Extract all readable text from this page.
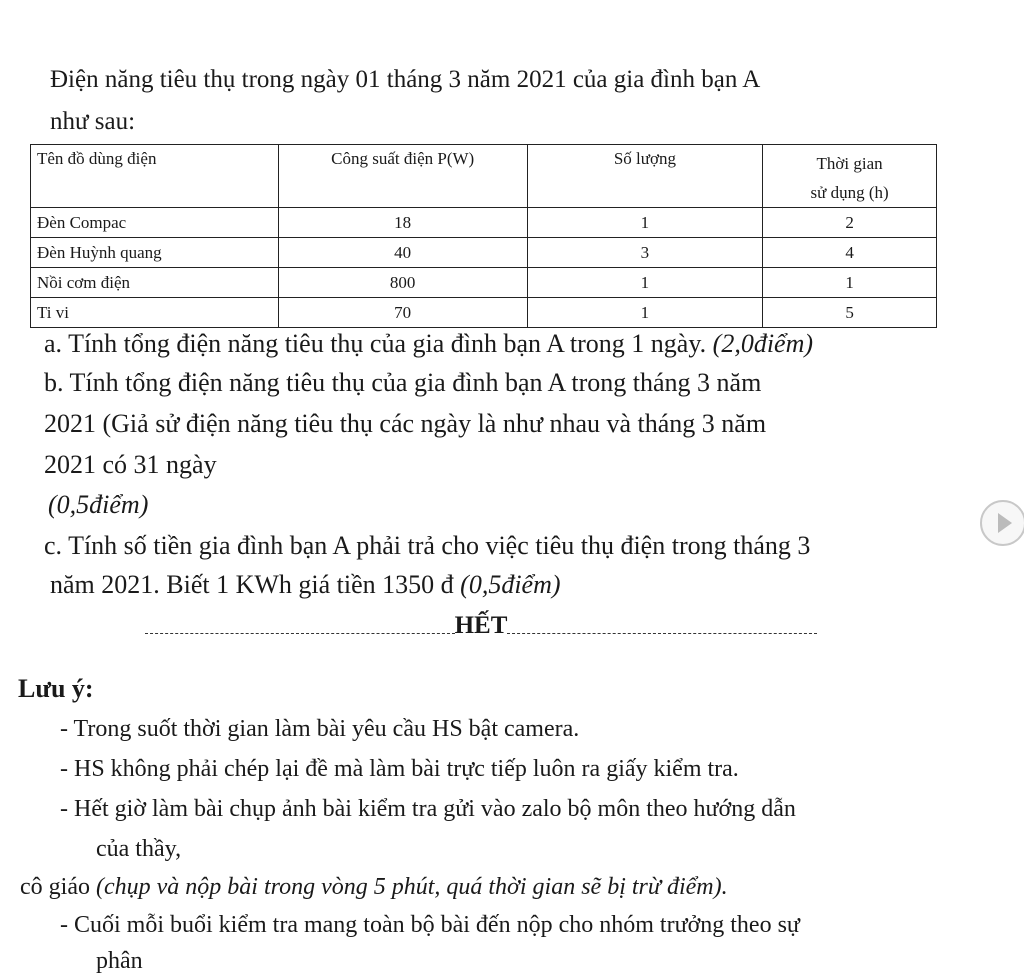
Điện năng tiêu thụ trong ngày 01 tháng 3 năm 2021 của gia đình bạn A
như sau:
Tên đồ dùng điện	Công suất điện P(W)	Số lượng	Thời gian
sử dụng (h)

Đèn Compac	18	1	2
Đèn Huỳnh quang	40	3	4
Nồi cơm điện	800	1	1
Ti vi	70	1	5
a. Tính tổng điện năng tiêu thụ của gia đình bạn A trong 1 ngày. (2,0điểm)
b. Tính tổng điện năng tiêu thụ của gia đình bạn A trong tháng 3 năm
2021 (Giả sử điện năng tiêu thụ các ngày là như nhau và tháng 3 năm
2021 có 31 ngày
(0,5điểm)
c. Tính số tiền gia đình bạn A phải trả cho việc tiêu thụ điện trong tháng 3
năm 2021. Biết 1 KWh giá tiền 1350 đ (0,5điểm)
HẾT
Lưu ý:
- Trong suốt thời gian làm bài yêu cầu HS bật camera.
- HS không phải chép lại đề mà làm bài trực tiếp luôn ra giấy kiểm tra.
- Hết giờ làm bài chụp ảnh bài kiểm tra gửi vào zalo bộ môn theo hướng dẫn
của thầy,
cô giáo (chụp và nộp bài trong vòng 5 phút, quá thời gian sẽ bị trừ điểm).
- Cuối mỗi buổi kiểm tra mang toàn bộ bài đến nộp cho nhóm trưởng theo sự
phân
